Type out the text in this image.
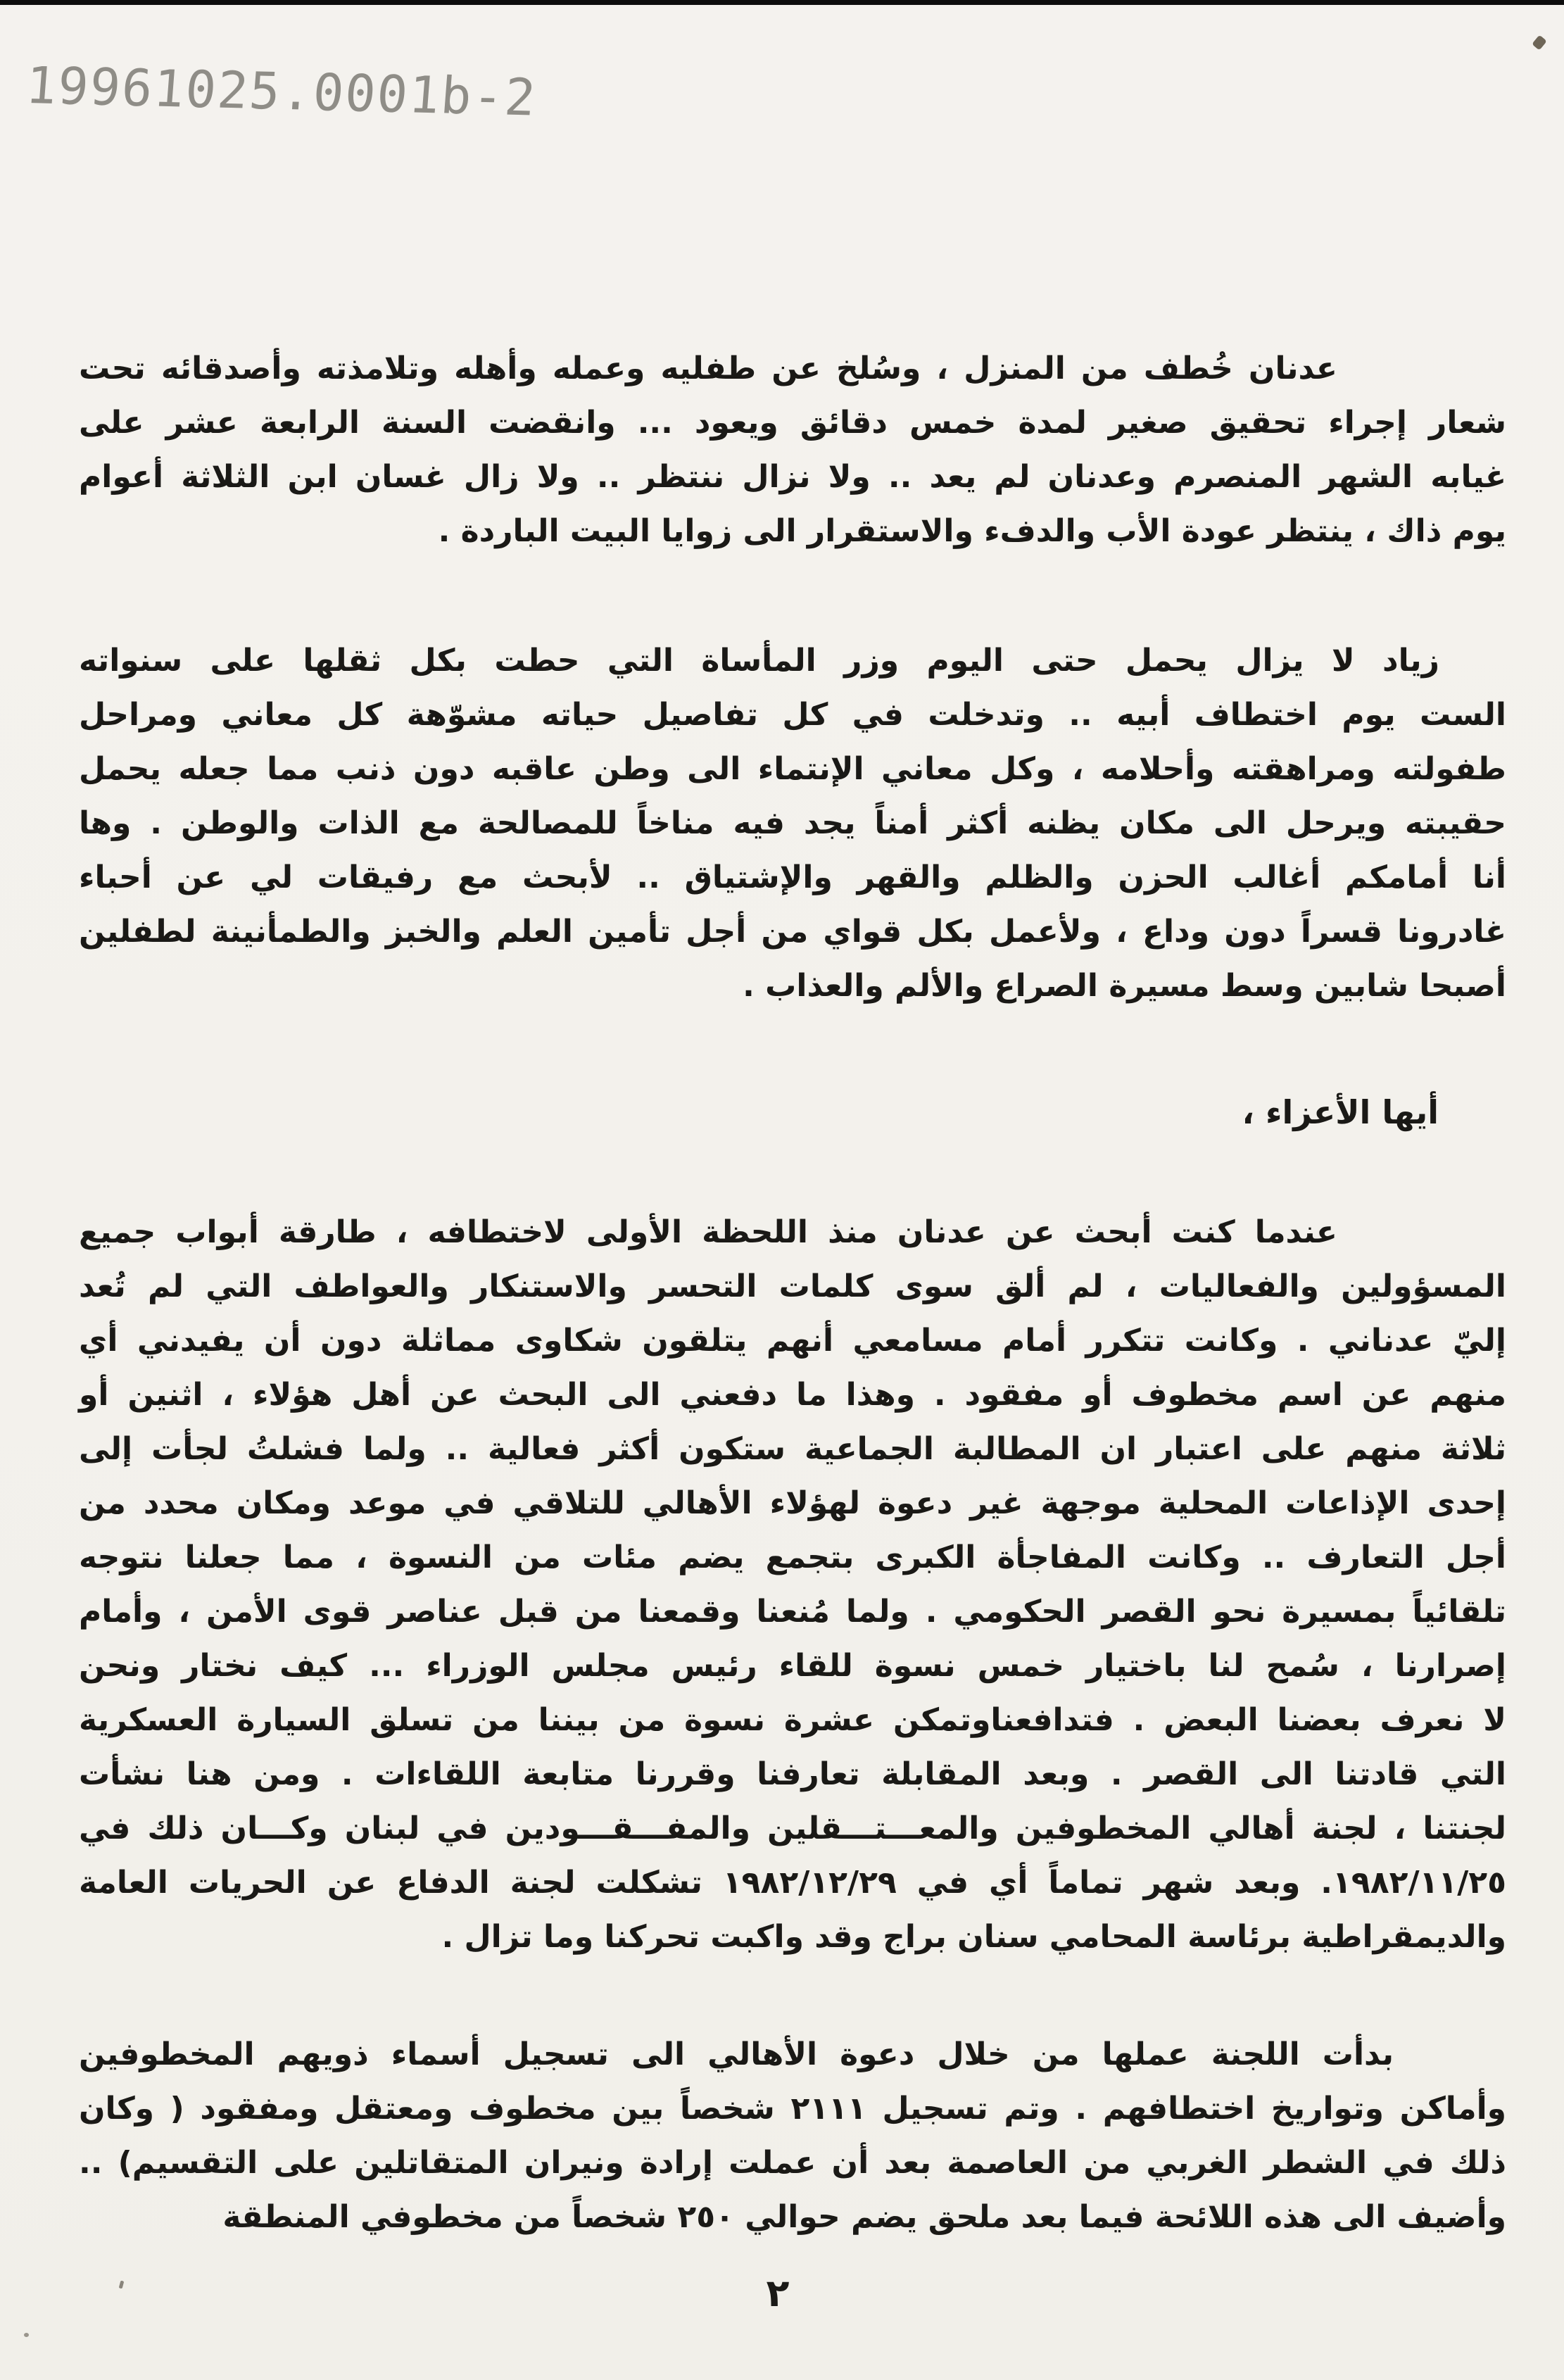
19961025.0001b-2
عدنان خُطف من المنزل ، وسُلخ عن طفليه وعمله وأهله وتلامذته وأصدقائه تحت
شعار إجراء تحقيق صغير لمدة خمس دقائق ويعود ... وانقضت السنة الرابعة عشر على
غيابه الشهر المنصرم وعدنان لم يعد .. ولا نزال ننتظر .. ولا زال غسان ابن الثلاثة أعوام
يوم ذاك ، ينتظر عودة الأب والدفء والاستقرار الى زوايا البيت الباردة .
زياد لا يزال يحمل حتى اليوم وزر المأساة التي حطت بكل ثقلها على سنواته
الست يوم اختطاف أبيه .. وتدخلت في كل تفاصيل حياته مشوّهة كل معاني ومراحل
طفولته ومراهقته وأحلامه ، وكل معاني الإنتماء الى وطن عاقبه دون ذنب مما جعله يحمل
حقيبته ويرحل الى مكان يظنه أكثر أمناً يجد فيه مناخاً للمصالحة مع الذات والوطن . وها
أنا أمامكم أغالب الحزن والظلم والقهر والإشتياق .. لأبحث مع رفيقات لي عن أحباء
غادرونا قسراً دون وداع ، ولأعمل بكل قواي من أجل تأمين العلم والخبز والطمأنينة لطفلين
أصبحا شابين وسط مسيرة الصراع والألم والعذاب .
أيها الأعزاء ،
عندما كنت أبحث عن عدنان منذ اللحظة الأولى لاختطافه ، طارقة أبواب جميع
المسؤولين والفعاليات ، لم ألق سوى كلمات التحسر والاستنكار والعواطف التي لم تُعد
إليّ عدناني . وكانت تتكرر أمام مسامعي أنهم يتلقون شكاوى مماثلة دون أن يفيدني أي
منهم عن اسم مخطوف أو مفقود . وهذا ما دفعني الى البحث عن أهل هؤلاء ، اثنين أو
ثلاثة منهم على اعتبار ان المطالبة الجماعية ستكون أكثر فعالية .. ولما فشلتُ لجأت إلى
إحدى الإذاعات المحلية موجهة غير دعوة لهؤلاء الأهالي للتلاقي في موعد ومكان محدد من
أجل التعارف .. وكانت المفاجأة الكبرى بتجمع يضم مئات من النسوة ، مما جعلنا نتوجه
تلقائياً بمسيرة نحو القصر الحكومي . ولما مُنعنا وقمعنا من قبل عناصر قوى الأمن ، وأمام
إصرارنا ، سُمح لنا باختيار خمس نسوة للقاء رئيس مجلس الوزراء ... كيف نختار ونحن
لا نعرف بعضنا البعض . فتدافعناوتمكن عشرة نسوة من بيننا من تسلق السيارة العسكرية
التي قادتنا الى القصر . وبعد المقابلة تعارفنا وقررنا متابعة اللقاءات . ومن هنا نشأت
لجنتنا ، لجنة أهالي المخطوفين والمعـــتـــقلين والمفـــقـــودين في لبنان وكـــان ذلك في
١٩٨٢/١١/٢٥. وبعد شهر تماماً أي في ١٩٨٢/١٢/٢٩ تشكلت لجنة الدفاع عن الحريات العامة
والديمقراطية برئاسة المحامي سنان براج وقد واكبت تحركنا وما تزال .
بدأت اللجنة عملها من خلال دعوة الأهالي الى تسجيل أسماء ذويهم المخطوفين
وأماكن وتواريخ اختطافهم . وتم تسجيل ٢١١١ شخصاً بين مخطوف ومعتقل ومفقود ( وكان
ذلك في الشطر الغربي من العاصمة بعد أن عملت إرادة ونيران المتقاتلين على التقسيم) ..
وأضيف الى هذه اللائحة فيما بعد ملحق يضم حوالي ٢٥٠ شخصاً من مخطوفي المنطقة
٢
